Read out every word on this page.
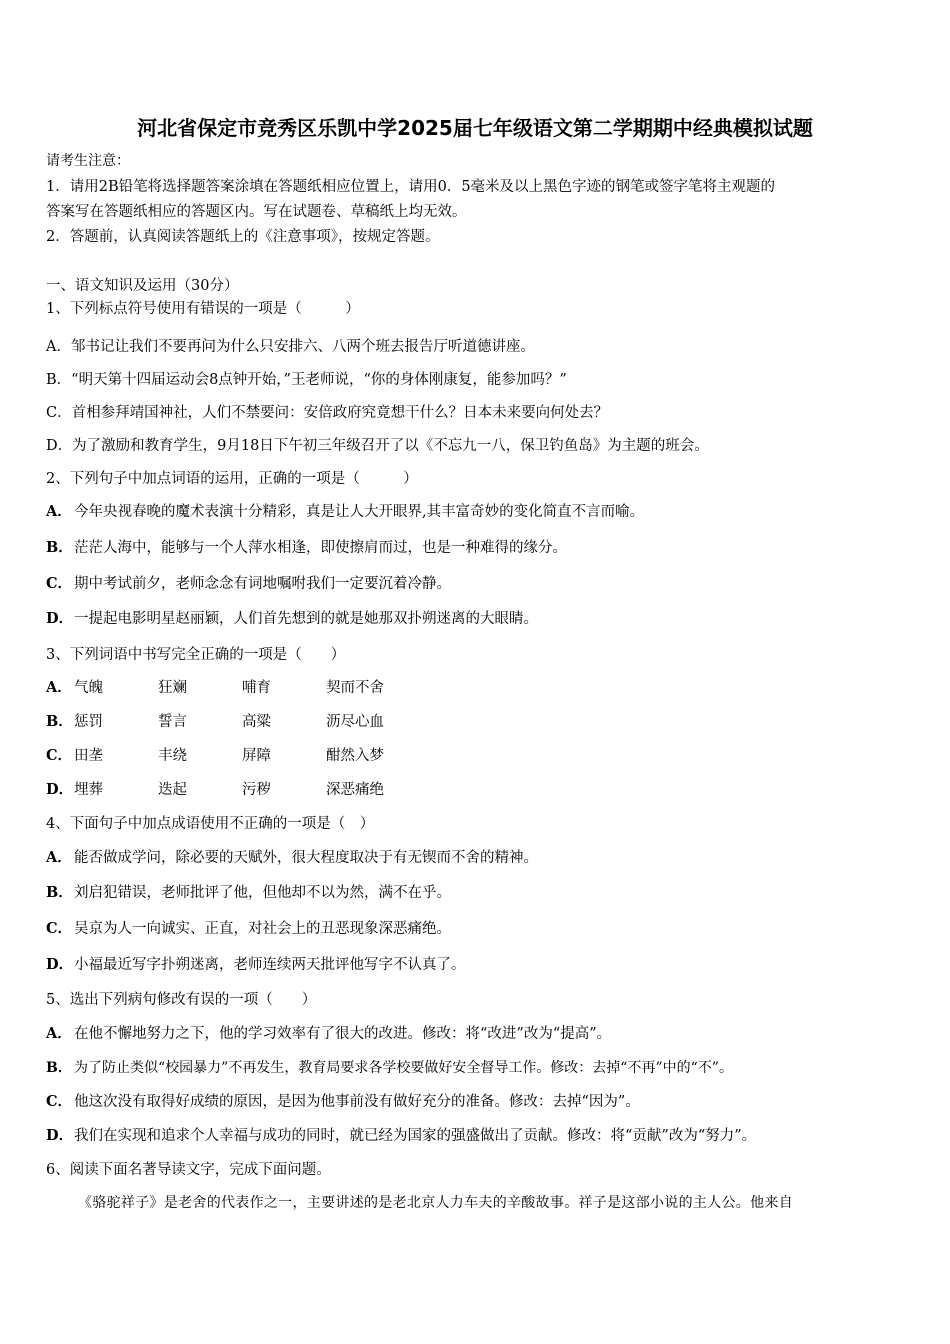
河北省保定市竞秀区乐凯中学2025届七年级语文第二学期期中经典模拟试题
请考生注意：
1．请用2B铅笔将选择题答案涂填在答题纸相应位置上，请用0．5毫米及以上黑色字迹的钢笔或签字笔将主观题的
答案写在答题纸相应的答题区内。写在试题卷、草稿纸上均无效。
2．答题前，认真阅读答题纸上的《注意事项》，按规定答题。
一、语文知识及运用（30分）
1、下列标点符号使用有错误的一项是（　　　）
A．邹书记让我们不要再问为什么只安排六、八两个班去报告厅听道德讲座。
B．“明天第十四届运动会8点钟开始，”王老师说，“你的身体刚康复，能参加吗？”
C．首相参拜靖国神社，人们不禁要问：安倍政府究竟想干什么？日本未来要向何处去？
D．为了激励和教育学生，9月18日下午初三年级召开了以《不忘九一八，保卫钓鱼岛》为主题的班会。
2、下列句子中加点词语的运用，正确的一项是（　　　）
A． 今年央视春晚的魔术表演十分精彩，真是让人大开眼界,其丰富奇妙的变化简直不言而喻。
B．茫茫人海中，能够与一个人萍水相逢，即使擦肩而过，也是一种难得的缘分。
C． 期中考试前夕，老师念念有词地嘱咐我们一定要沉着冷静。
D．一提起电影明星赵丽颖，人们首先想到的就是她那双扑朔迷离的大眼睛。
3、下列词语中书写完全正确的一项是（　　）
A． 气魄	狂斓	哺育	契而不舍
B．惩罚	誓言	高粱	沥尽心血
C． 田垄	丰绕	屏障	酣然入梦
D．埋葬	迭起	污秽	深恶痛绝
4、下面句子中加点成语使用不正确的一项是（　）
A． 能否做成学问，除必要的天赋外，很大程度取决于有无锲而不舍的精神。
B．刘启犯错误，老师批评了他，但他却不以为然，满不在乎。
C． 吴京为人一向诚实、正直，对社会上的丑恶现象深恶痛绝。
D．小福最近写字扑朔迷离，老师连续两天批评他写字不认真了。
5、选出下列病句修改有误的一项（　　）
A． 在他不懈地努力之下，他的学习效率有了很大的改进。修改：将“改进”改为“提高”。
B． 为了防止类似“校园暴力”不再发生，教育局要求各学校要做好安全督导工作。修改：去掉“不再”中的“不”。
C． 他这次没有取得好成绩的原因，是因为他事前没有做好充分的准备。修改：去掉“因为”。
D．我们在实现和追求个人幸福与成功的同时，就已经为国家的强盛做出了贡献。修改：将“贡献”改为“努力”。
6、阅读下面名著导读文字，完成下面问题。
《骆驼祥子》是老舍的代表作之一，主要讲述的是老北京人力车夫的辛酸故事。祥子是这部小说的主人公。他来自
